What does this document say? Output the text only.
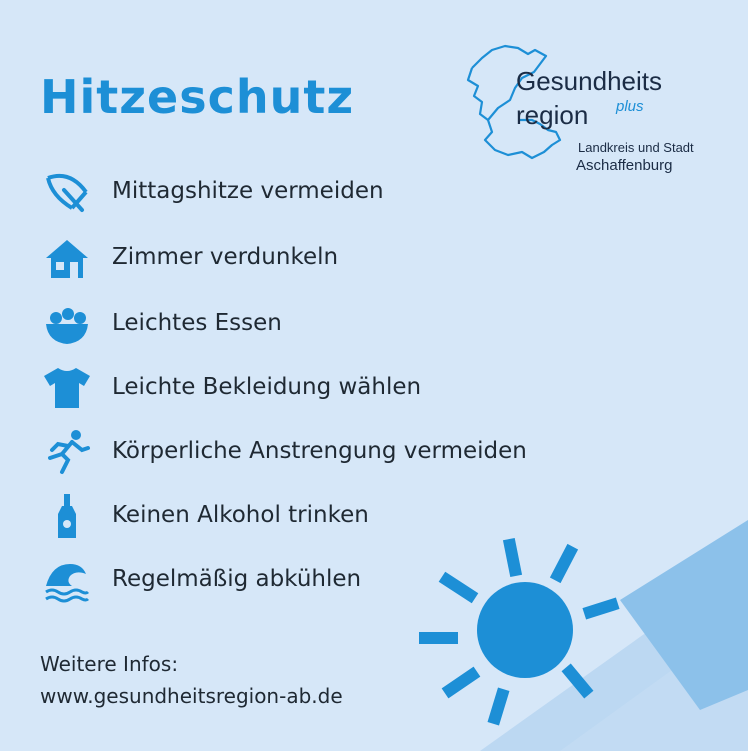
Hitzeschutz	Gesundheits
region plus
Landkreis und Stadt
Aschaffenburg
Mittagshitze vermeiden
Zimmer verdunkeln
Leichtes Essen
Leichte Bekleidung wählen
Körperliche Anstrengung vermeiden
Keinen Alkohol trinken
Regelmäßig abkühlen
Weitere Infos:
www.gesundheitsregion-ab.de
